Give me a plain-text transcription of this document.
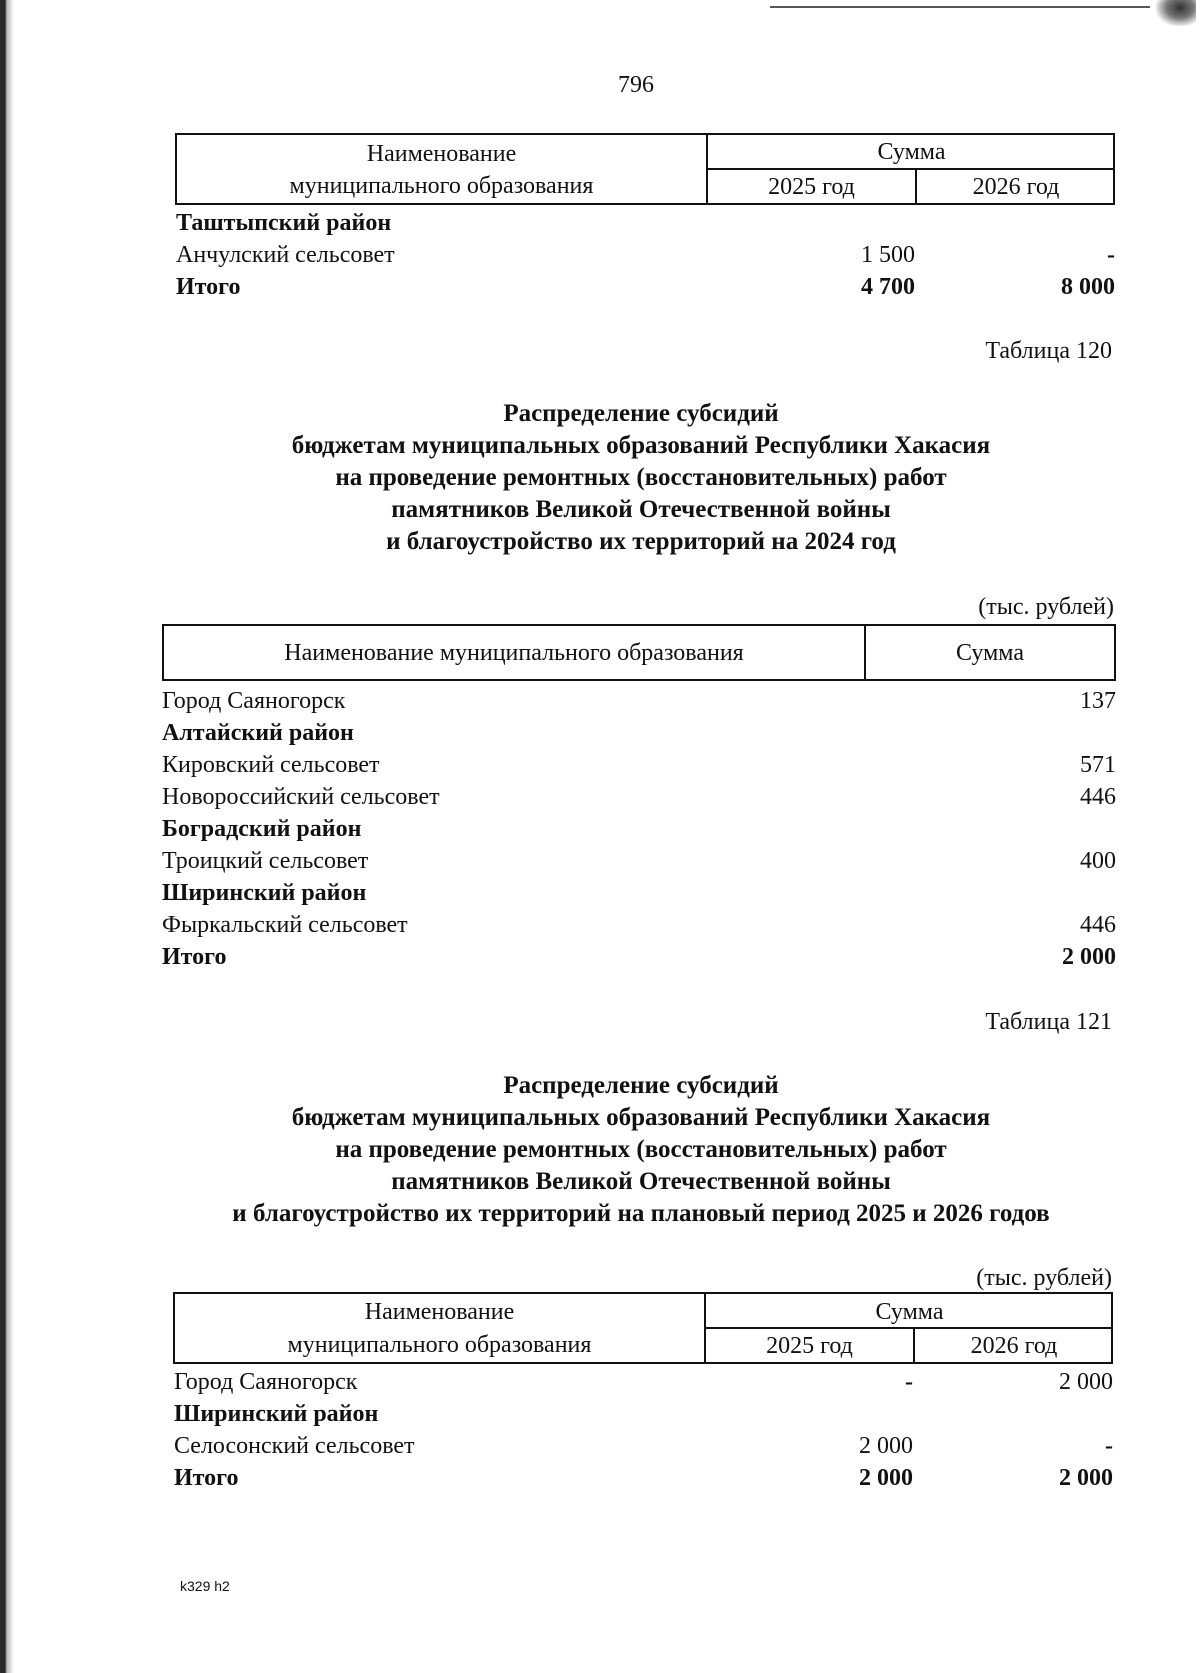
796
Наименование
муниципального образования
Сумма
2025 год	2026 год
Таштыпский район
Анчулский сельсовет	1 500	-
Итого	4 700	8 000
Таблица 120
Распределение субсидий
бюджетам муниципальных образований Республики Хакасия
на проведение ремонтных (восстановительных) работ
памятников Великой Отечественной войны
и благоустройство их территорий на 2024 год
(тыс. рублей)
Наименование муниципального образования	Сумма
Город Саяногорск	137
Алтайский район
Кировский сельсовет	571
Новороссийский сельсовет	446
Боградский район
Троицкий сельсовет	400
Ширинский район
Фыркальский сельсовет	446
Итого	2 000
Таблица 121
Распределение субсидий
бюджетам муниципальных образований Республики Хакасия
на проведение ремонтных (восстановительных) работ
памятников Великой Отечественной войны
и благоустройство их территорий на плановый период 2025 и 2026 годов
(тыс. рублей)
Наименование
муниципального образования
Сумма
2025 год	2026 год
Город Саяногорск	-	2 000
Ширинский район
Селосонский сельсовет	2 000	-
Итого	2 000	2 000
k329 h2
